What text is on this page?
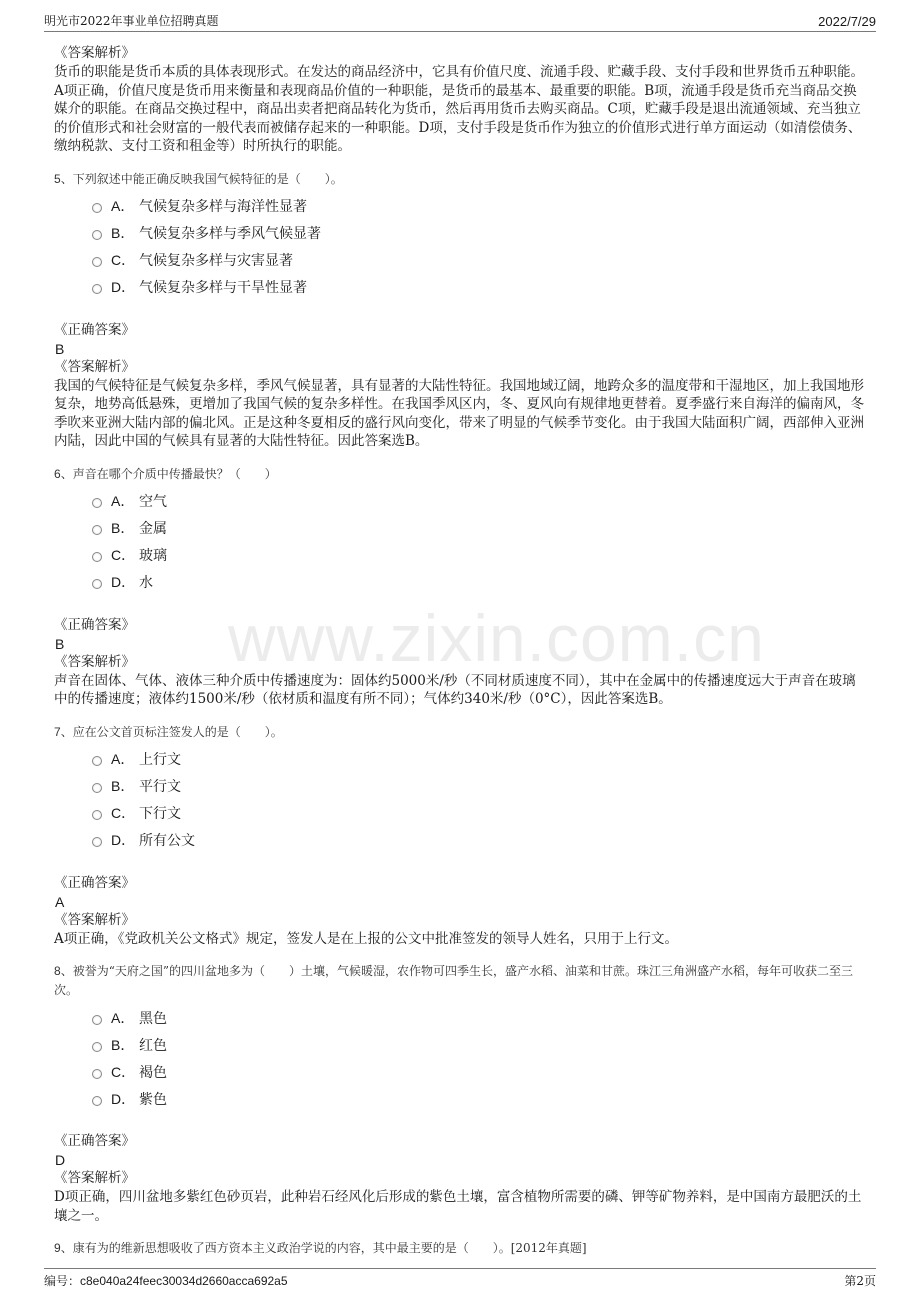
明光市2022年事业单位招聘真题	2022/7/29
www.zixin.com.cn
《答案解析》
货币的职能是货币本质的具体表现形式。在发达的商品经济中，它具有价值尺度、流通手段、贮藏手段、支付手段和世界货币五种职能。A项正确，价值尺度是货币用来衡量和表现商品价值的一种职能，是货币的最基本、最重要的职能。B项，流通手段是货币充当商品交换媒介的职能。在商品交换过程中，商品出卖者把商品转化为货币，然后再用货币去购买商品。C项，贮藏手段是退出流通领域、充当独立的价值形式和社会财富的一般代表而被储存起来的一种职能。D项，支付手段是货币作为独立的价值形式进行单方面运动（如清偿债务、缴纳税款、支付工资和租金等）时所执行的职能。
5、下列叙述中能正确反映我国气候特征的是（　　）。
A． 气候复杂多样与海洋性显著
B． 气候复杂多样与季风气候显著
C． 气候复杂多样与灾害显著
D． 气候复杂多样与干旱性显著
《正确答案》
B
《答案解析》
我国的气候特征是气候复杂多样，季风气候显著，具有显著的大陆性特征。我国地域辽阔，地跨众多的温度带和干湿地区，加上我国地形复杂，地势高低悬殊，更增加了我国气候的复杂多样性。在我国季风区内，冬、夏风向有规律地更替着。夏季盛行来自海洋的偏南风，冬季吹来亚洲大陆内部的偏北风。正是这种冬夏相反的盛行风向变化，带来了明显的气候季节变化。由于我国大陆面积广阔，西部伸入亚洲内陆，因此中国的气候具有显著的大陆性特征。因此答案选B。
6、声音在哪个介质中传播最快？（　　）
A． 空气
B． 金属
C． 玻璃
D． 水
《正确答案》
B
《答案解析》
声音在固体、气体、液体三种介质中传播速度为：固体约5000米/秒（不同材质速度不同），其中在金属中的传播速度远大于声音在玻璃中的传播速度；液体约1500米/秒（依材质和温度有所不同）；气体约340米/秒（0°C），因此答案选B。
7、应在公文首页标注签发人的是（　　）。
A． 上行文
B． 平行文
C． 下行文
D． 所有公文
《正确答案》
A
《答案解析》
A项正确，《党政机关公文格式》规定，签发人是在上报的公文中批准签发的领导人姓名，只用于上行文。
8、被誉为“天府之国”的四川盆地多为（　　）土壤，气候暖湿，农作物可四季生长，盛产水稻、油菜和甘蔗。珠江三角洲盛产水稻，每年可收获二至三次。
A． 黑色
B． 红色
C． 褐色
D． 紫色
《正确答案》
D
《答案解析》
D项正确，四川盆地多紫红色砂页岩，此种岩石经风化后形成的紫色土壤，富含植物所需要的磷、钾等矿物养料，是中国南方最肥沃的土壤之一。
9、康有为的维新思想吸收了西方资本主义政治学说的内容，其中最主要的是（　　）。[2012年真题]
编号：c8e040a24feec30034d2660acca692a5	第2页
